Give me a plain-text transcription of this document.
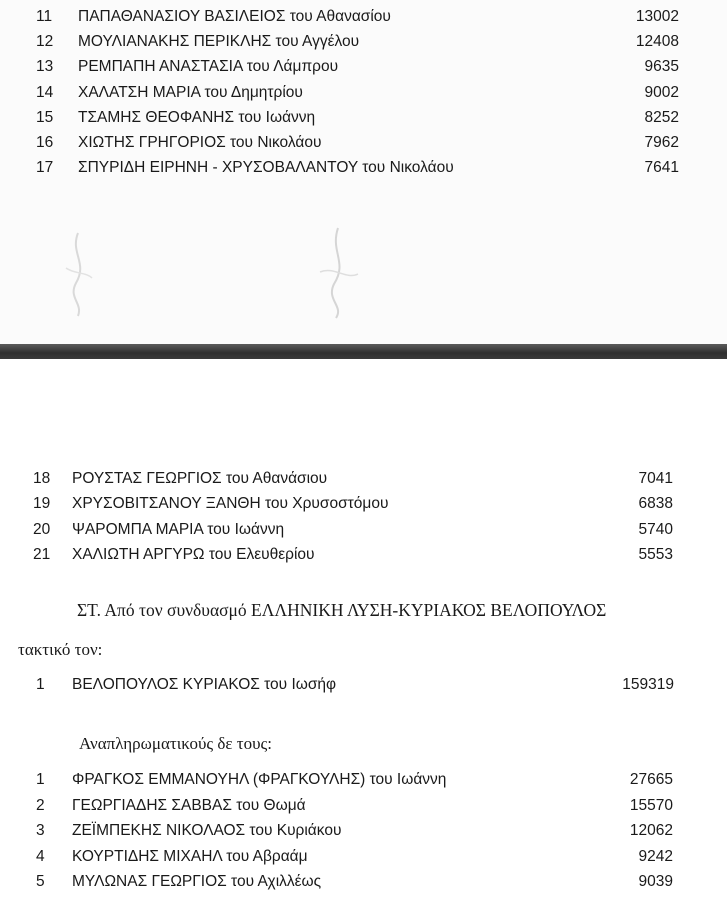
11	ΠΑΠΑΘΑΝΑΣΙΟΥ ΒΑΣΙΛΕΙΟΣ του Αθανασίου	13002
12	ΜΟΥΛΙΑΝΑΚΗΣ ΠΕΡΙΚΛΗΣ του Αγγέλου	12408
13	ΡΕΜΠΑΠΗ ΑΝΑΣΤΑΣΙΑ του Λάμπρου	9635
14	ΧΑΛΑΤΣΗ ΜΑΡΙΑ του Δημητρίου	9002
15	ΤΣΑΜΗΣ ΘΕΟΦΑΝΗΣ του Ιωάννη	8252
16	ΧΙΩΤΗΣ ΓΡΗΓΟΡΙΟΣ του Νικολάου	7962
17	ΣΠΥΡΙΔΗ ΕΙΡΗΝΗ - ΧΡΥΣΟΒΑΛΑΝΤΟΥ του Νικολάου	7641
18	ΡΟΥΣΤΑΣ ΓΕΩΡΓΙΟΣ του Αθανάσιου	7041
19	ΧΡΥΣΟΒΙΤΣΑΝΟΥ ΞΑΝΘΗ του Χρυσοστόμου	6838
20	ΨΑΡΟΜΠΑ ΜΑΡΙΑ του Ιωάννη	5740
21	ΧΑΛΙΩΤΗ ΑΡΓΥΡΩ του Ελευθερίου	5553
ΣΤ. Από τον συνδυασμό ΕΛΛΗΝΙΚΗ ΛΥΣΗ-ΚΥΡΙΑΚΟΣ ΒΕΛΟΠΟΥΛΟΣ
τακτικό τον:
1	ΒΕΛΟΠΟΥΛΟΣ ΚΥΡΙΑΚΟΣ του Ιωσήφ	159319
Αναπληρωματικούς δε τους:
1	ΦΡΑΓΚΟΣ ΕΜΜΑΝΟΥΗΛ (ΦΡΑΓΚΟΥΛΗΣ) του Ιωάννη	27665
2	ΓΕΩΡΓΙΑΔΗΣ ΣΑΒΒΑΣ του Θωμά	15570
3	ΖΕΪΜΠΕΚΗΣ ΝΙΚΟΛΑΟΣ του Κυριάκου	12062
4	ΚΟΥΡΤΙΔΗΣ ΜΙΧΑΗΛ του Αβραάμ	9242
5	ΜΥΛΩΝΑΣ ΓΕΩΡΓΙΟΣ του Αχιλλέως	9039
